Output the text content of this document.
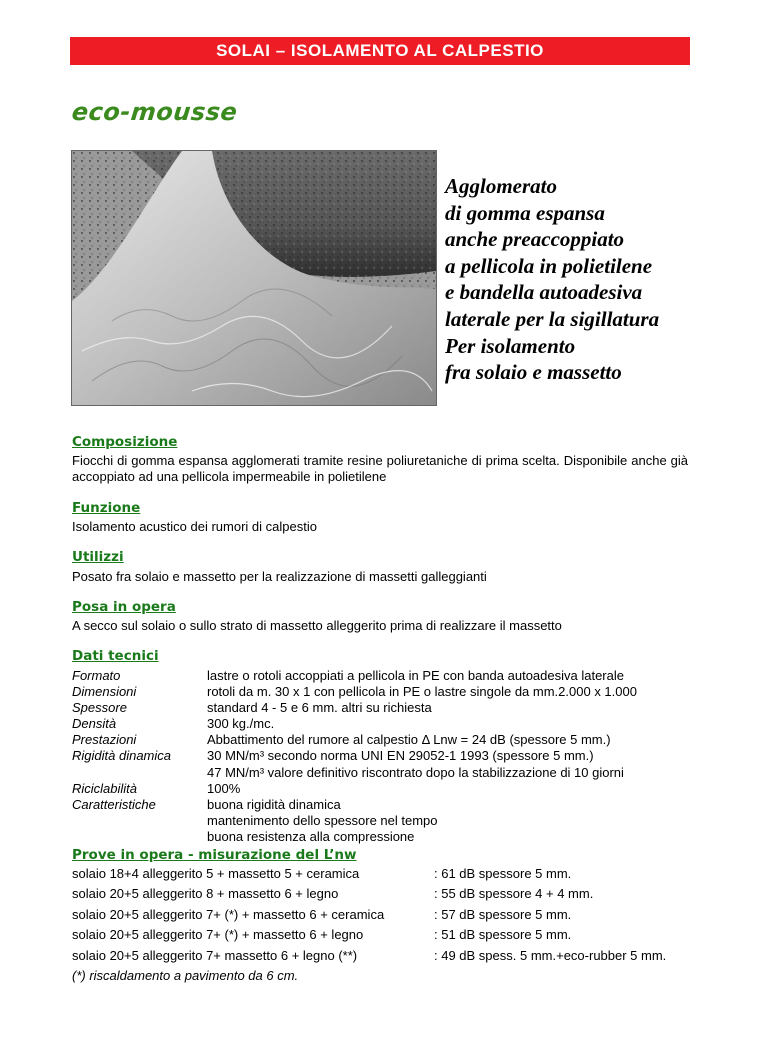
SOLAI – ISOLAMENTO AL CALPESTIO
eco-mousse
Agglomerato
di gomma espansa
anche preaccoppiato
a pellicola in polietilene
e bandella autoadesiva
laterale per la sigillatura
Per isolamento
fra solaio e massetto
Composizione
Fiocchi di gomma espansa agglomerati tramite resine poliuretaniche di prima scelta. Disponibile anche già accoppiato ad una pellicola impermeabile in polietilene
Funzione
Isolamento acustico dei rumori di calpestio
Utilizzi
Posato fra solaio e massetto per la realizzazione di massetti galleggianti
Posa in opera
A secco sul solaio o sullo strato di massetto alleggerito prima di realizzare il massetto
Dati tecnici
Formato	lastre o rotoli accoppiati a pellicola in PE con banda autoadesiva laterale
Dimensioni	rotoli da m. 30 x 1 con pellicola in PE o lastre singole da mm.2.000 x 1.000
Spessore	standard 4 - 5 e 6 mm. altri su richiesta
Densità	300 kg./mc.
Prestazioni	Abbattimento del rumore al calpestio Δ Lnw = 24 dB (spessore 5 mm.)
Rigidità dinamica	30 MN/m³ secondo norma UNI EN 29052-1 1993 (spessore 5 mm.)
47 MN/m³ valore definitivo riscontrato dopo la stabilizzazione di 10 giorni
Riciclabilità	100%
Caratteristiche	buona rigidità dinamica
mantenimento dello spessore nel tempo
buona resistenza alla compressione
Prove in opera - misurazione del L’nw
solaio 18+4 alleggerito 5 + massetto 5 + ceramica	: 61 dB spessore 5 mm.
solaio 20+5 alleggerito 8 + massetto 6 + legno	: 55 dB spessore 4 + 4 mm.
solaio 20+5 alleggerito 7+ (*) + massetto 6 + ceramica	: 57 dB spessore 5 mm.
solaio 20+5 alleggerito 7+ (*) + massetto 6 + legno	: 51 dB spessore 5 mm.
solaio 20+5 alleggerito 7+ massetto 6 + legno (**)	: 49 dB spess. 5 mm.+eco-rubber 5 mm.
(*) riscaldamento a pavimento da 6 cm.
